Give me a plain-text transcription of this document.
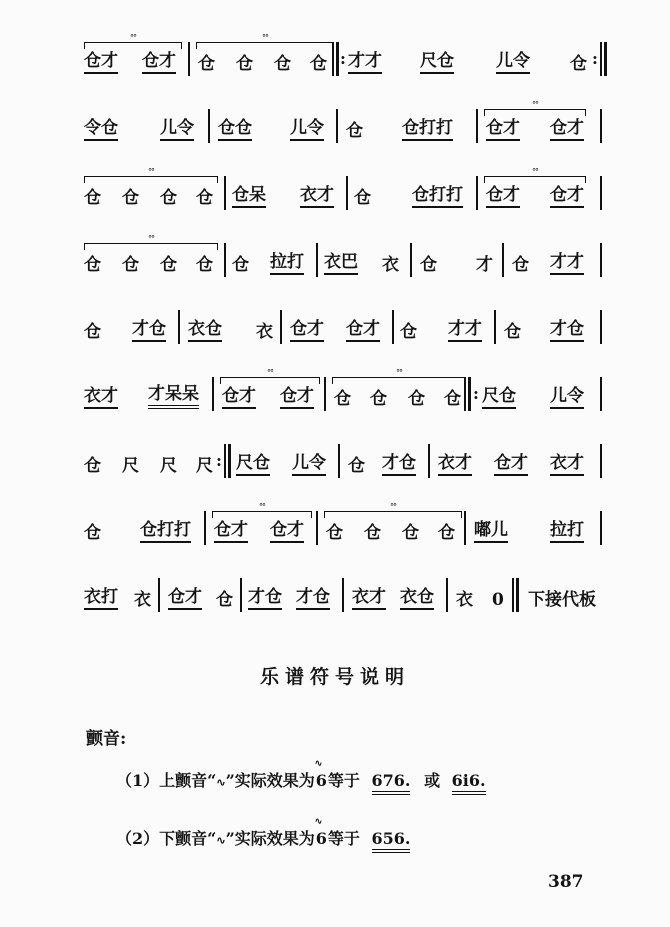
°°
仓才 仓才
°°
仓 仓 仓 仓 : 才才 尺仓 儿令 仓 :
令仓 儿令 仓仓 儿令 仓 仓打打
°°
仓才 仓才
°°
仓 仓 仓 仓 仓呆 衣才 仓 仓打打
°°
仓才 仓才
°°
仓 仓 仓 仓 仓 拉打 衣巴 衣 仓 才 仓 才才
仓 才仓 衣仓 衣 仓才 仓才 仓 才才 仓 才仓
衣才 才呆呆
°°
仓才 仓才
°°
仓 仓 仓 仓 : 尺仓 儿令
仓 尺 尺 尺 : 尺仓 儿令 仓 才仓 衣才 仓才 衣才
仓 仓打打
°°
仓才 仓才
°°
仓 仓 仓 仓 嘟儿 拉打
衣打 衣 仓才 仓 才仓 才仓 衣才 衣仓 衣 0 下接代板
乐谱符号说明
颤音:
（1）上颤音“∿”实际效果为
∿
6等于 676. 或 6i6.
（2）下颤音“∿”实际效果为
∿
6等于 656.
387
